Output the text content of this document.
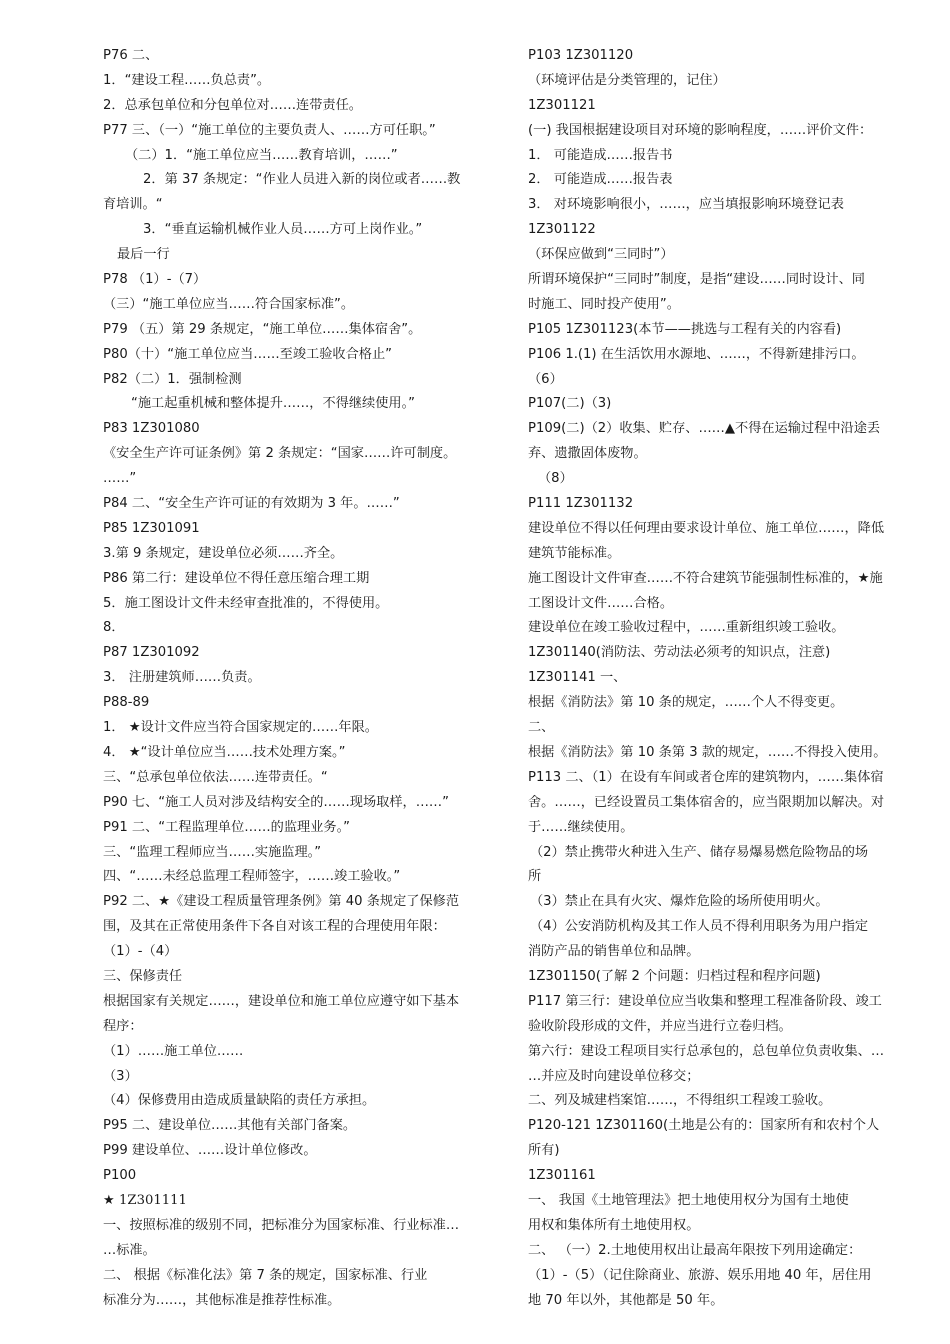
P76 二、
1．“建设工程……负总责”。
2．总承包单位和分包单位对……连带责任。
P77 三、（一）“施工单位的主要负责人、……方可任职。”
（二）1．“施工单位应当……教育培训，……”
2．第 37 条规定：“作业人员进入新的岗位或者……教
育培训。“
3．“垂直运输机械作业人员……方可上岗作业。”
最后一行
P78 （1）-（7）
（三）“施工单位应当……符合国家标准”。
P79 （五）第 29 条规定，“施工单位……集体宿舍”。
P80（十）“施工单位应当……至竣工验收合格止”
P82（二）1．强制检测
“施工起重机械和整体提升……，不得继续使用。”
P83 1Z301080
《安全生产许可证条例》第 2 条规定：“国家……许可制度。
……”
P84 二、“安全生产许可证的有效期为 3 年。……”
P85 1Z301091
3.第 9 条规定，建设单位必须……齐全。
P86 第二行：建设单位不得任意压缩合理工期
5．施工图设计文件未经审查批准的，不得使用。
8．
P87 1Z301092
3． 注册建筑师……负责。
P88-89
1． ★设计文件应当符合国家规定的……年限。
4． ★“设计单位应当……技术处理方案。”
三、“总承包单位依法……连带责任。“
P90 七、“施工人员对涉及结构安全的……现场取样，……”
P91 二、“工程监理单位……的监理业务。”
三、“监理工程师应当……实施监理。”
四、“……未经总监理工程师签字，……竣工验收。”
P92 二、★《建设工程质量管理条例》第 40 条规定了保修范
围，及其在正常使用条件下各自对该工程的合理使用年限：
（1）-（4）
三、保修责任
根据国家有关规定……，建设单位和施工单位应遵守如下基本
程序：
（1）……施工单位……
（3）
（4）保修费用由造成质量缺陷的责任方承担。
P95 二、建设单位……其他有关部门备案。
P99 建设单位、……设计单位修改。
P100
★ 1Z301111
一、按照标准的级别不同，把标准分为国家标准、行业标准…
…标准。
二、 根据《标准化法》第 7 条的规定，国家标准、行业
标准分为……，其他标准是推荐性标准。
P103 1Z301120
（环境评估是分类管理的，记住）
1Z301121
(一) 我国根据建设项目对环境的影响程度，……评价文件：
1． 可能造成……报告书
2． 可能造成……报告表
3． 对环境影响很小，……，应当填报影响环境登记表
1Z301122
（环保应做到“三同时”）
所谓环境保护“三同时”制度，是指“建设……同时设计、同
时施工、同时投产使用”。
P105 1Z301123(本节——挑选与工程有关的内容看)
P106 1.(1) 在生活饮用水源地、……，不得新建排污口。
（6）
P107(二)（3)
P109(二)（2）收集、贮存、……▲不得在运输过程中沿途丢
弃、遗撒固体废物。
（8）
P111 1Z301132
建设单位不得以任何理由要求设计单位、施工单位……，降低
建筑节能标准。
施工图设计文件审查……不符合建筑节能强制性标准的，★施
工图设计文件……合格。
建设单位在竣工验收过程中，……重新组织竣工验收。
1Z301140(消防法、劳动法必须考的知识点，注意)
1Z301141 一、
根据《消防法》第 10 条的规定，……个人不得变更。
二、
根据《消防法》第 10 条第 3 款的规定，……不得投入使用。
P113 二、（1）在设有车间或者仓库的建筑物内，……集体宿
舍。……，已经设置员工集体宿舍的，应当限期加以解决。对
于……继续使用。
（2）禁止携带火种进入生产、储存易爆易燃危险物品的场
所
（3）禁止在具有火灾、爆炸危险的场所使用明火。
（4）公安消防机构及其工作人员不得利用职务为用户指定
消防产品的销售单位和品牌。
1Z301150(了解 2 个问题：归档过程和程序问题)
P117 第三行：建设单位应当收集和整理工程准备阶段、竣工
验收阶段形成的文件，并应当进行立卷归档。
第六行：建设工程项目实行总承包的，总包单位负责收集、…
…并应及时向建设单位移交；
二、列及城建档案馆……，不得组织工程竣工验收。
P120-121 1Z301160(土地是公有的：国家所有和农村个人
所有)
1Z301161
一、 我国《土地管理法》把土地使用权分为国有土地使
用权和集体所有土地使用权。
二、 （一）2.土地使用权出让最高年限按下列用途确定：
（1）-（5）（记住除商业、旅游、娱乐用地 40 年，居住用
地 70 年以外，其他都是 50 年。
